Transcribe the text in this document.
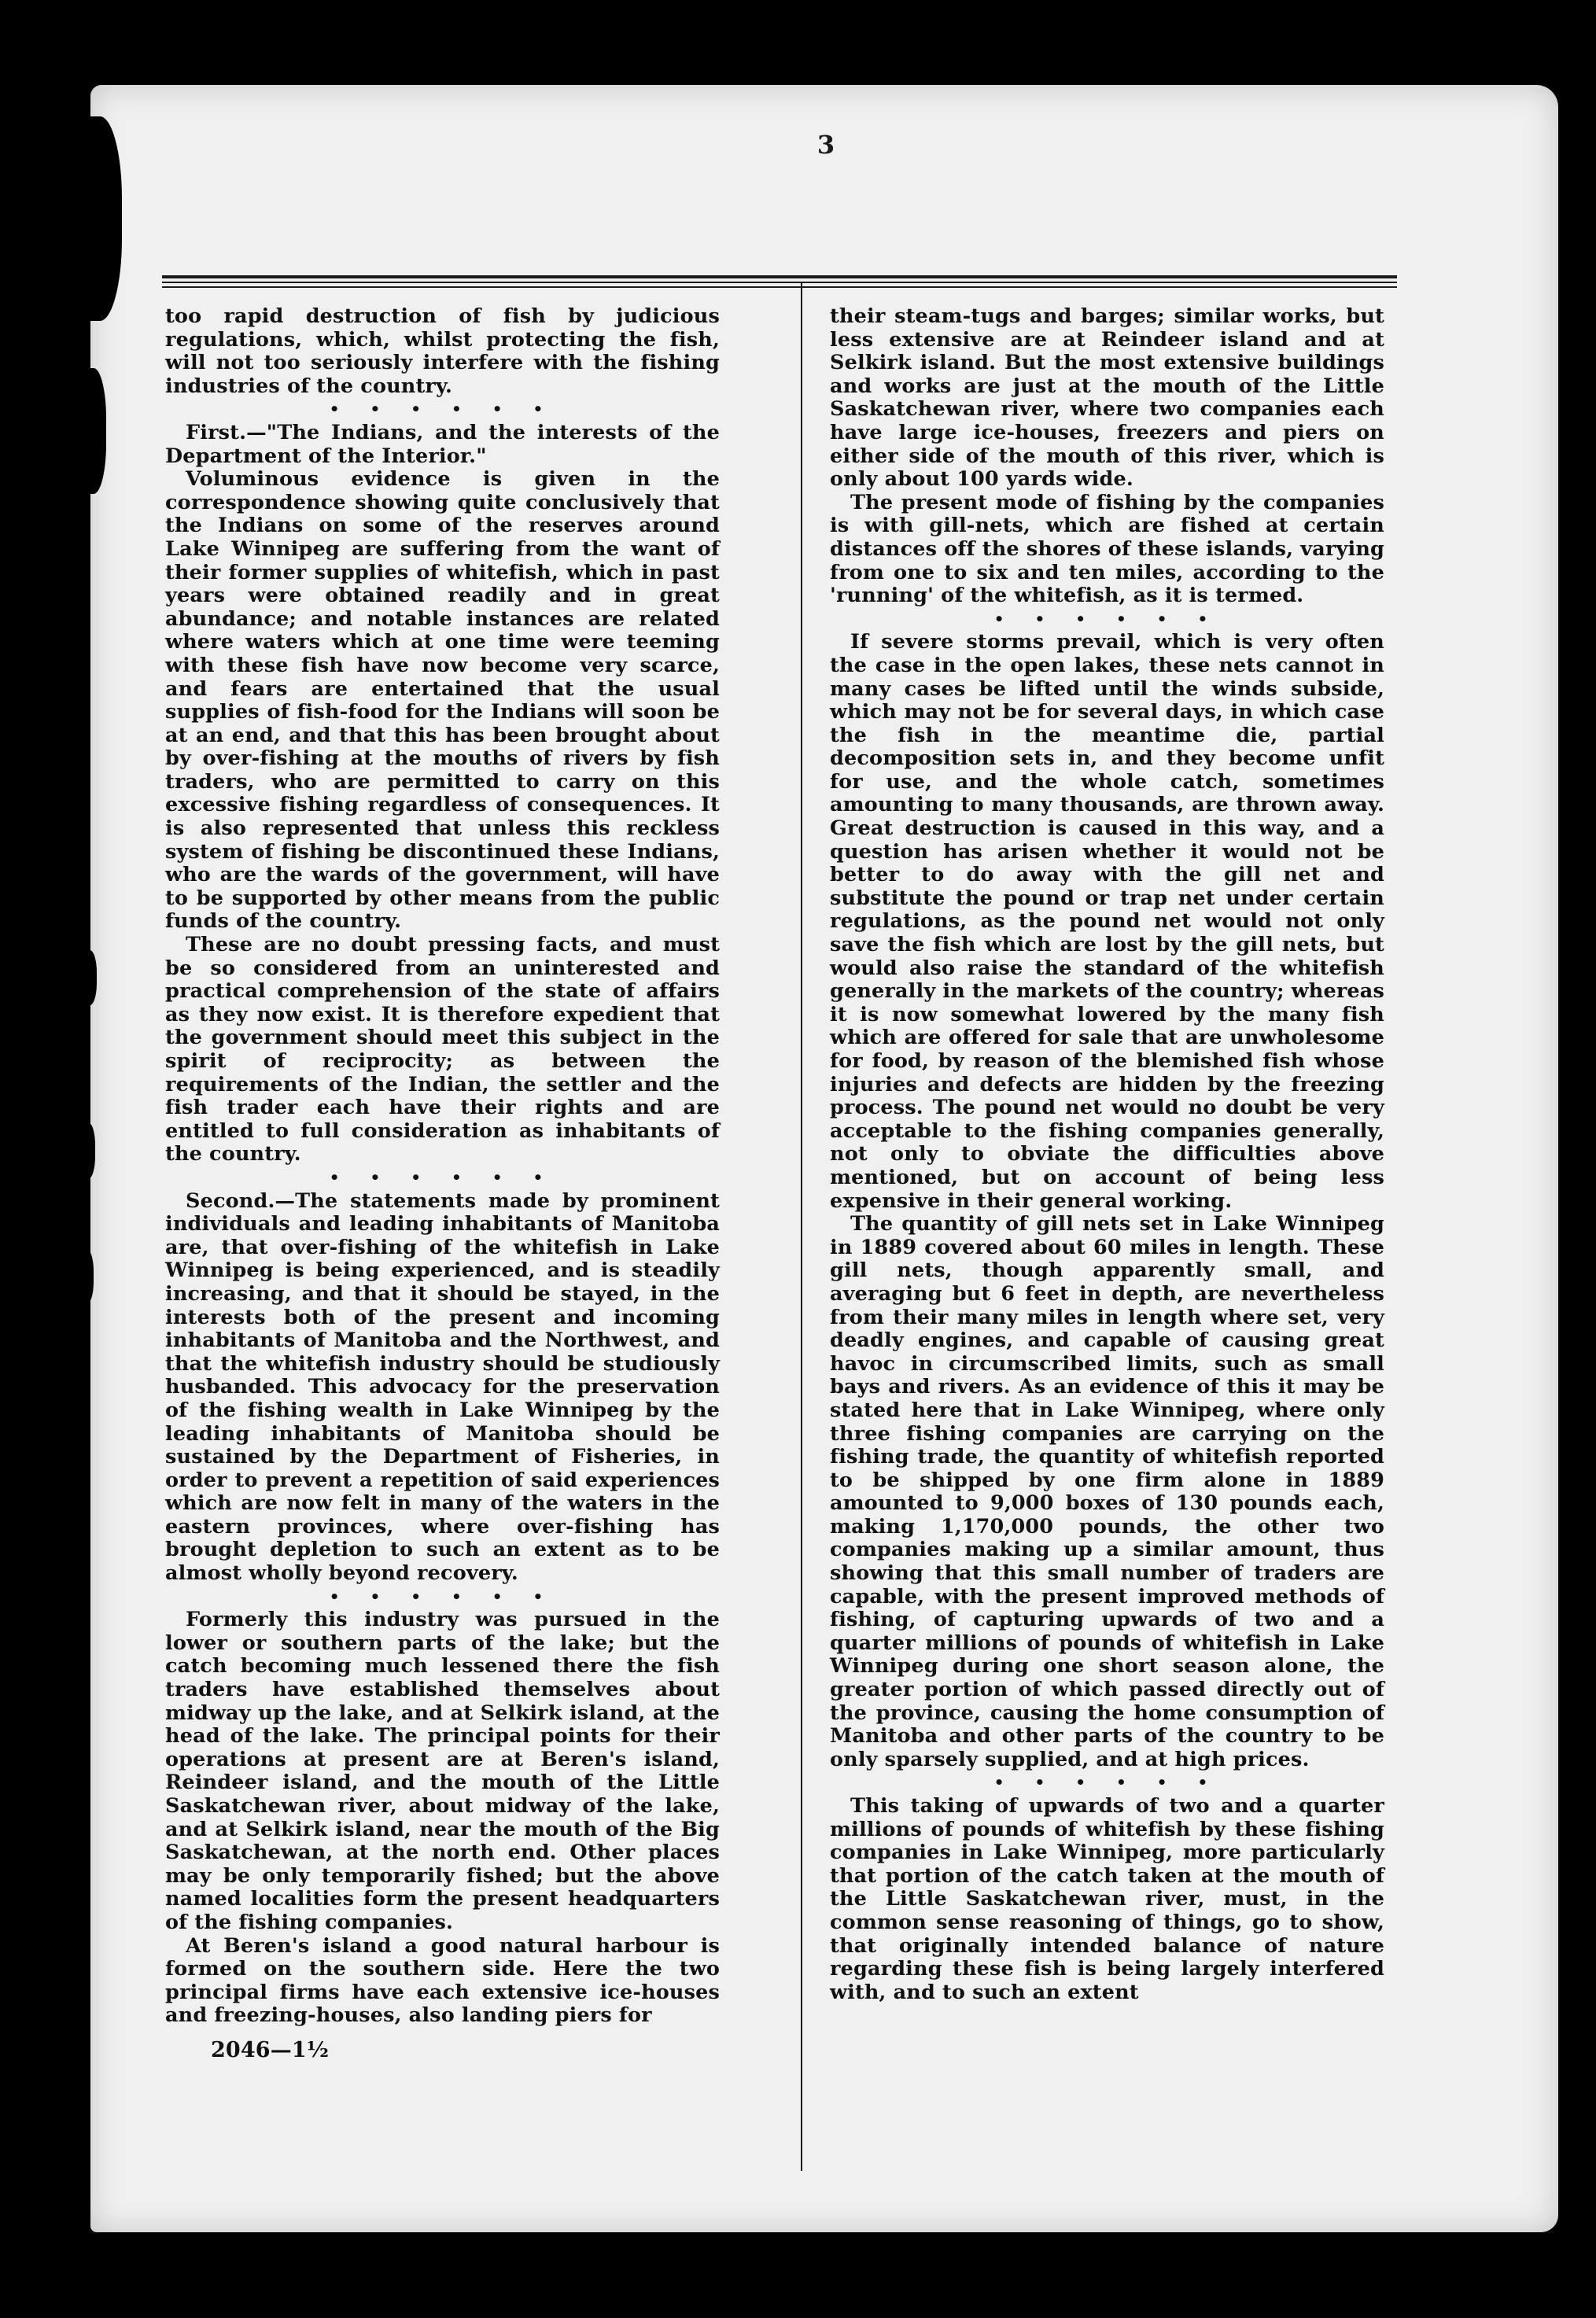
3

too rapid destruction of fish by judicious regulations, which, whilst protecting the fish, will not too seriously interfere with the fishing industries of the country.

• • • • • •

First.—"The Indians, and the interests of the Department of the Interior."

Voluminous evidence is given in the correspondence showing quite conclusively that the Indians on some of the reserves around Lake Winnipeg are suffering from the want of their former supplies of whitefish, which in past years were obtained readily and in great abundance; and notable instances are related where waters which at one time were teeming with these fish have now become very scarce, and fears are entertained that the usual supplies of fish-food for the Indians will soon be at an end, and that this has been brought about by over-fishing at the mouths of rivers by fish traders, who are permitted to carry on this excessive fishing regardless of consequences. It is also represented that unless this reckless system of fishing be discontinued these Indians, who are the wards of the government, will have to be supported by other means from the public funds of the country.

These are no doubt pressing facts, and must be so considered from an uninterested and practical comprehension of the state of affairs as they now exist. It is therefore expedient that the government should meet this subject in the spirit of reciprocity; as between the requirements of the Indian, the settler and the fish trader each have their rights and are entitled to full consideration as inhabitants of the country.

• • • • • •

Second.—The statements made by prominent individuals and leading inhabitants of Manitoba are, that over-fishing of the whitefish in Lake Winnipeg is being experienced, and is steadily increasing, and that it should be stayed, in the interests both of the present and incoming inhabitants of Manitoba and the Northwest, and that the whitefish industry should be studiously husbanded. This advocacy for the preservation of the fishing wealth in Lake Winnipeg by the leading inhabitants of Manitoba should be sustained by the Department of Fisheries, in order to prevent a repetition of said experiences which are now felt in many of the waters in the eastern provinces, where over-fishing has brought depletion to such an extent as to be almost wholly beyond recovery.

• • • • • •

Formerly this industry was pursued in the lower or southern parts of the lake; but the catch becoming much lessened there the fish traders have established themselves about midway up the lake, and at Selkirk island, at the head of the lake. The principal points for their operations at present are at Beren's island, Reindeer island, and the mouth of the Little Saskatchewan river, about midway of the lake, and at Selkirk island, near the mouth of the Big Saskatchewan, at the north end. Other places may be only temporarily fished; but the above named localities form the present headquarters of the fishing companies.

At Beren's island a good natural harbour is formed on the southern side. Here the two principal firms have each extensive ice-houses and freezing-houses, also landing piers for

2046—1½

their steam-tugs and barges; similar works, but less extensive are at Reindeer island and at Selkirk island. But the most extensive buildings and works are just at the mouth of the Little Saskatchewan river, where two companies each have large ice-houses, freezers and piers on either side of the mouth of this river, which is only about 100 yards wide.

The present mode of fishing by the companies is with gill-nets, which are fished at certain distances off the shores of these islands, varying from one to six and ten miles, according to the 'running' of the whitefish, as it is termed.

• • • • • •

If severe storms prevail, which is very often the case in the open lakes, these nets cannot in many cases be lifted until the winds subside, which may not be for several days, in which case the fish in the meantime die, partial decomposition sets in, and they become unfit for use, and the whole catch, sometimes amounting to many thousands, are thrown away. Great destruction is caused in this way, and a question has arisen whether it would not be better to do away with the gill net and substitute the pound or trap net under certain regulations, as the pound net would not only save the fish which are lost by the gill nets, but would also raise the standard of the whitefish generally in the markets of the country; whereas it is now somewhat lowered by the many fish which are offered for sale that are unwholesome for food, by reason of the blemished fish whose injuries and defects are hidden by the freezing process. The pound net would no doubt be very acceptable to the fishing companies generally, not only to obviate the difficulties above mentioned, but on account of being less expensive in their general working.

The quantity of gill nets set in Lake Winnipeg in 1889 covered about 60 miles in length. These gill nets, though apparently small, and averaging but 6 feet in depth, are nevertheless from their many miles in length where set, very deadly engines, and capable of causing great havoc in circumscribed limits, such as small bays and rivers. As an evidence of this it may be stated here that in Lake Winnipeg, where only three fishing companies are carrying on the fishing trade, the quantity of whitefish reported to be shipped by one firm alone in 1889 amounted to 9,000 boxes of 130 pounds each, making 1,170,000 pounds, the other two companies making up a similar amount, thus showing that this small number of traders are capable, with the present improved methods of fishing, of capturing upwards of two and a quarter millions of pounds of whitefish in Lake Winnipeg during one short season alone, the greater portion of which passed directly out of the province, causing the home consumption of Manitoba and other parts of the country to be only sparsely supplied, and at high prices.

• • • • • •

This taking of upwards of two and a quarter millions of pounds of whitefish by these fishing companies in Lake Winnipeg, more particularly that portion of the catch taken at the mouth of the Little Saskatchewan river, must, in the common sense reasoning of things, go to show, that originally intended balance of nature regarding these fish is being largely interfered with, and to such an extent
